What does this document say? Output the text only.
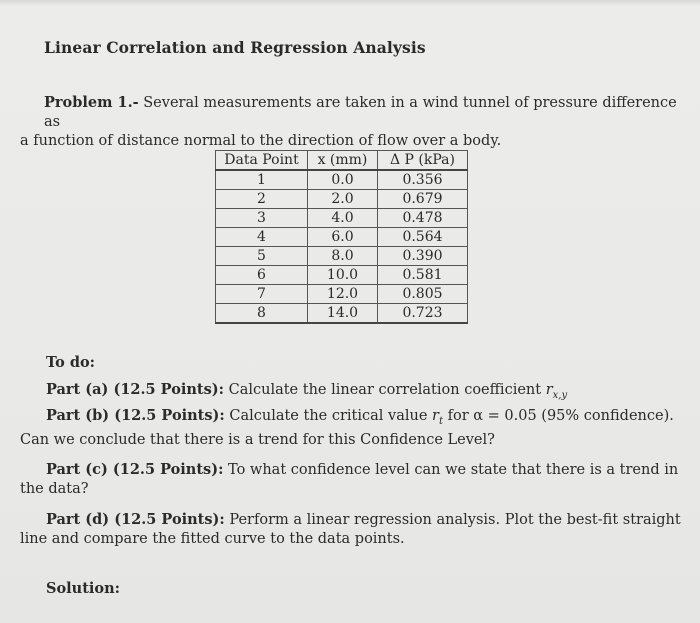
Linear Correlation and Regression Analysis
Problem 1.- Several measurements are taken in a wind tunnel of pressure difference as
a function of distance normal to the direction of flow over a body.
Data Point	x (mm)	Δ P (kPa)
1	0.0	0.356
2	2.0	0.679
3	4.0	0.478
4	6.0	0.564
5	8.0	0.390
6	10.0	0.581
7	12.0	0.805
8	14.0	0.723
To do:
Part (a) (12.5 Points): Calculate the linear correlation coefficient $r_{x,y}$
Part (b) (12.5 Points): Calculate the critical value $r_t$ for α = 0.05 (95% confidence).
Can we conclude that there is a trend for this Confidence Level?
Part (c) (12.5 Points): To what confidence level can we state that there is a trend in
the data?
Part (d) (12.5 Points): Perform a linear regression analysis. Plot the best-fit straight
line and compare the fitted curve to the data points.
Solution:
